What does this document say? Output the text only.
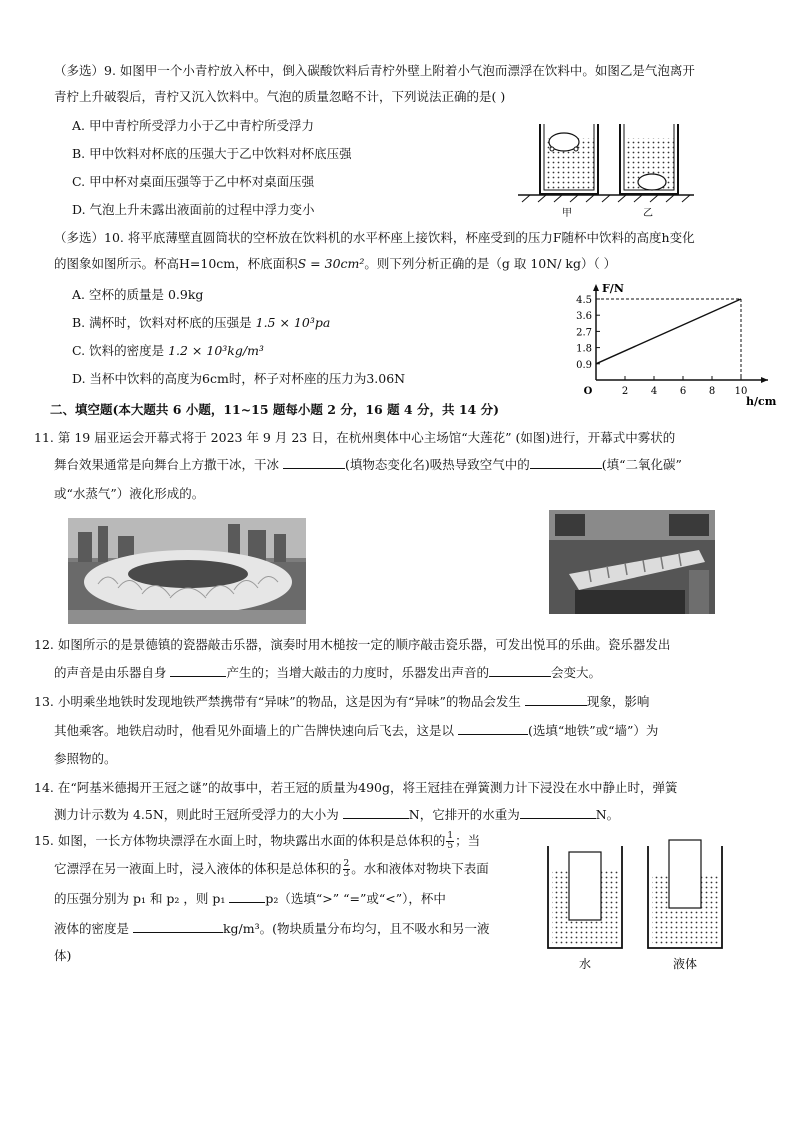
（多选）9. 如图甲一个小青柠放入杯中，倒入碳酸饮料后青柠外壁上附着小气泡而漂浮在饮料中。如图乙是气泡离开
青柠上升破裂后，青柠又沉入饮料中。气泡的质量忽略不计，下列说法正确的是( )
A. 甲中青柠所受浮力小于乙中青柠所受浮力
B. 甲中饮料对杯底的压强大于乙中饮料对杯底压强
C. 甲中杯对桌面压强等于乙中杯对桌面压强
D. 气泡上升未露出液面前的过程中浮力变小	甲	乙
（多选）10. 将平底薄壁直圆筒状的空杯放在饮料机的水平杯座上接饮料，杯座受到的压力F随杯中饮料的高度h变化
的图象如图所示。杯高H=10cm，杯底面积S = 30cm²。则下列分析正确的是（g 取 10N/ kg）（ ）
A. 空杯的质量是 0.9kg
B. 满杯时，饮料对杯底的压强是 1.5 × 10³pa
C. 饮料的密度是 1.2 × 10³kg/m³
D. 当杯中饮料的高度为6cm时，杯子对杯座的压力为3.06N
F/N
h/cm
O	2 4 6 8 10
0.9
1.8
2.7
3.6
4.5
二、填空题(本大题共 6 小题，11~15 题每小题 2 分，16 题 4 分，共 14 分)
11. 第 19 届亚运会开幕式将于 2023 年 9 月 23 日，在杭州奥体中心主场馆“大莲花” (如图)进行，开幕式中雾状的
舞台效果通常是向舞台上方撒干冰，干冰	(填物态变化名)吸热导致空气中的	(填“二氧化碳”
或“水蒸气”）液化形成的。
12. 如图所示的是景德镇的瓷器敲击乐器，演奏时用木槌按一定的顺序敲击瓷乐器，可发出悦耳的乐曲。瓷乐器发出
的声音是由乐器自身	产生的；当增大敲击的力度时，乐器发出声音的	会变大。
13. 小明乘坐地铁时发现地铁严禁携带有“异味”的物品，这是因为有“异味”的物品会发生	现象，影响
其他乘客。地铁启动时，他看见外面墙上的广告牌快速向后飞去，这是以	(选填“地铁”或“墙”）为
参照物的。
14. 在“阿基米德揭开王冠之谜”的故事中，若王冠的质量为490g，将王冠挂在弹簧测力计下浸没在水中静止时，弹簧
测力计示数为 4.5N，则此时王冠所受浮力的大小为	N，它排开的水重为	N。
15. 如图，一长方体物块漂浮在水面上时，物块露出水面的体积是总体积的 $\frac{1}{5}$ ；当
它漂浮在另一液面上时，浸入液体的体积是总体积的 $\frac{2}{3}$ 。水和液体对物块下表面
的压强分别为 p₁ 和 p₂ ，则 p₁	p₂（选填“>” “=”或“<”），杯中
液体的密度是	kg/m³。(物块质量分布均匀，且不吸水和另一液
体)
水	液体
